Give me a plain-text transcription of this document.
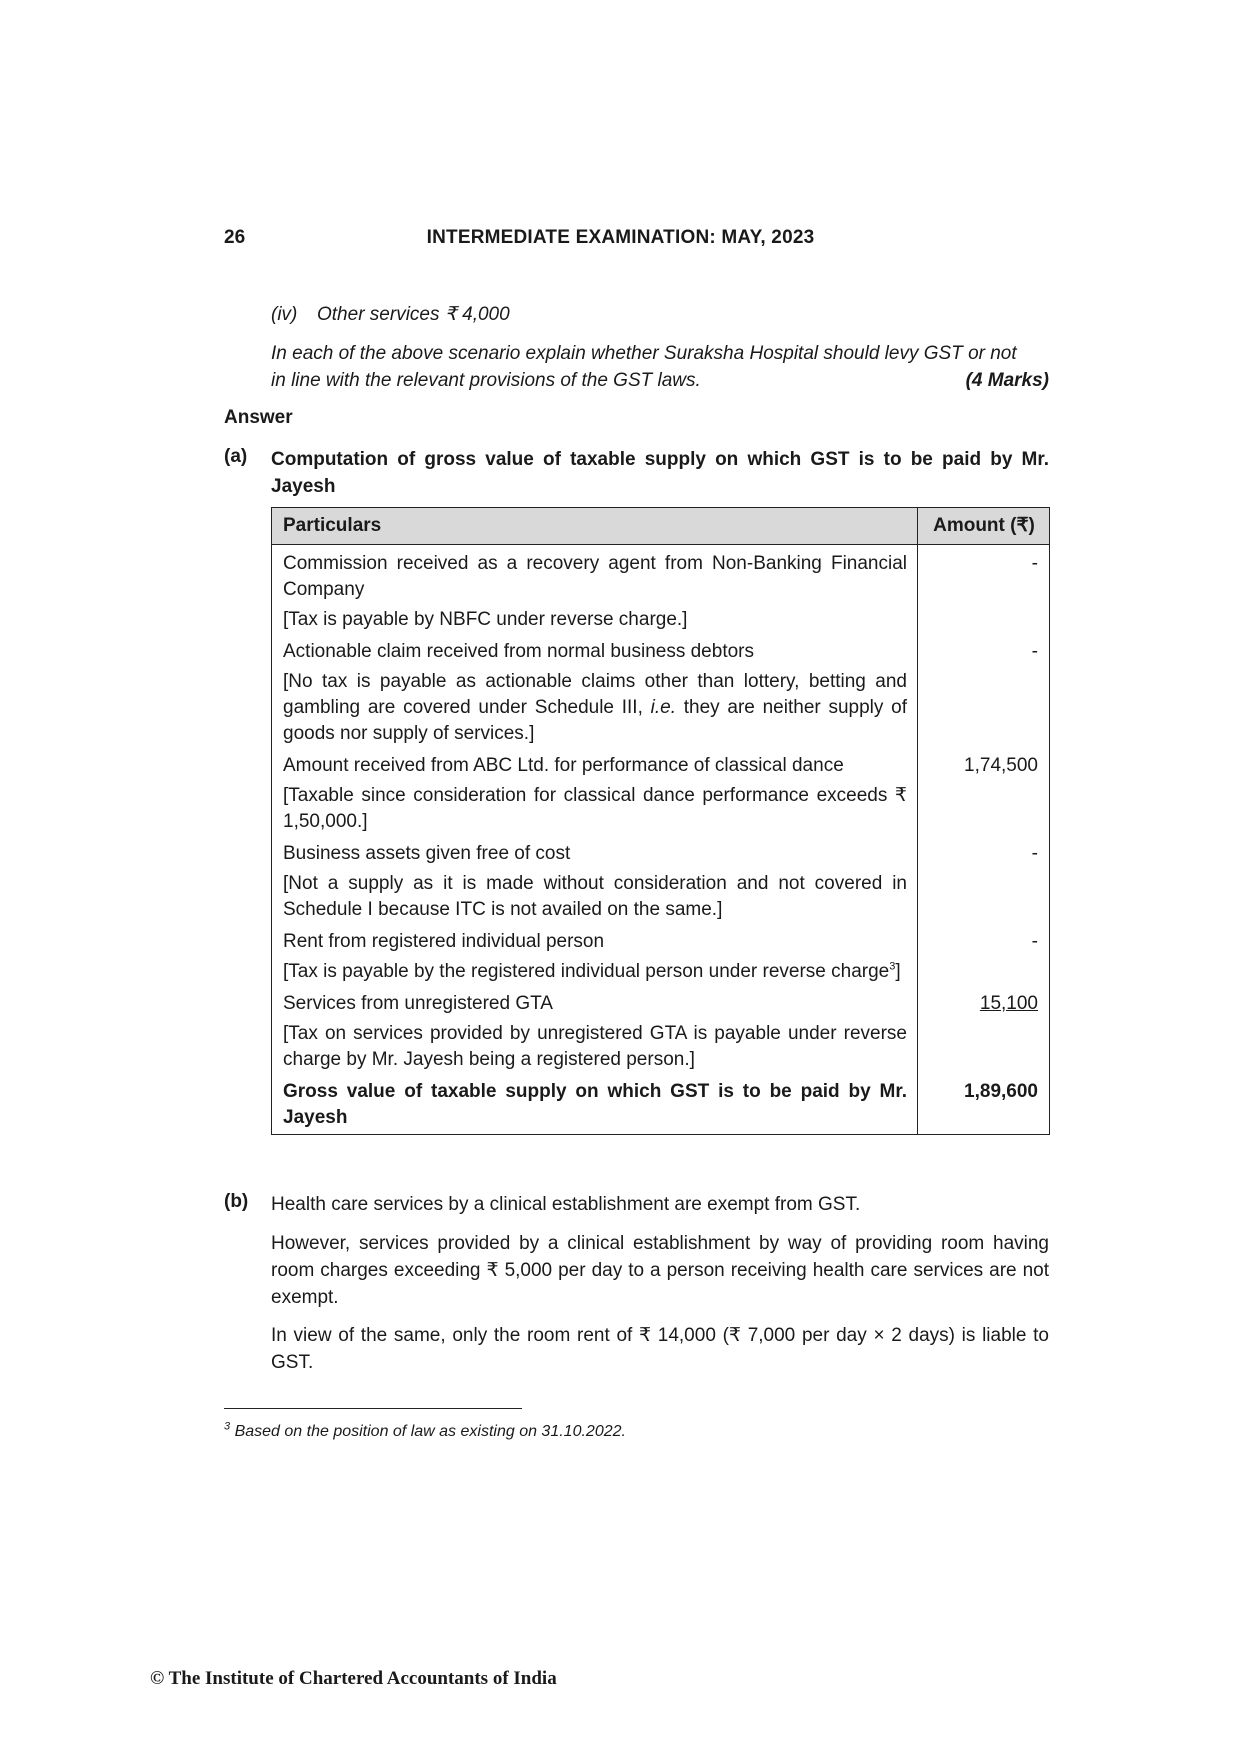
26	INTERMEDIATE EXAMINATION: MAY, 2023
(iv) Other services ₹ 4,000
In each of the above scenario explain whether Suraksha Hospital should levy GST or not
in line with the relevant provisions of the GST laws.	(4 Marks)
Answer
(a) Computation of gross value of taxable supply on which GST is to be paid by Mr. Jayesh
Particulars	Amount (₹)

Commission received as a recovery agent from Non-Banking Financial Company

[Tax is payable by NBFC under reverse charge.]	-

Actionable claim received from normal business debtors

[No tax is payable as actionable claims other than lottery, betting and gambling are covered under Schedule III, i.e. they are neither supply of goods nor supply of services.]	-

Amount received from ABC Ltd. for performance of classical dance

[Taxable since consideration for classical dance performance exceeds ₹ 1,50,000.]	1,74,500

Business assets given free of cost

[Not a supply as it is made without consideration and not covered in Schedule I because ITC is not availed on the same.]	-

Rent from registered individual person

[Tax is payable by the registered individual person under reverse charge$^3$]	-

Services from unregistered GTA

[Tax on services provided by unregistered GTA is payable under reverse charge by Mr. Jayesh being a registered person.]	15,100

Gross value of taxable supply on which GST is to be paid by Mr. Jayesh	1,89,600
(b) Health care services by a clinical establishment are exempt from GST.
However, services provided by a clinical establishment by way of providing room having room charges exceeding ₹ 5,000 per day to a person receiving health care services are not exempt.
In view of the same, only the room rent of ₹ 14,000 (₹ 7,000 per day × 2 days) is liable to GST.
$^3$ Based on the position of law as existing on 31.10.2022.
© The Institute of Chartered Accountants of India
